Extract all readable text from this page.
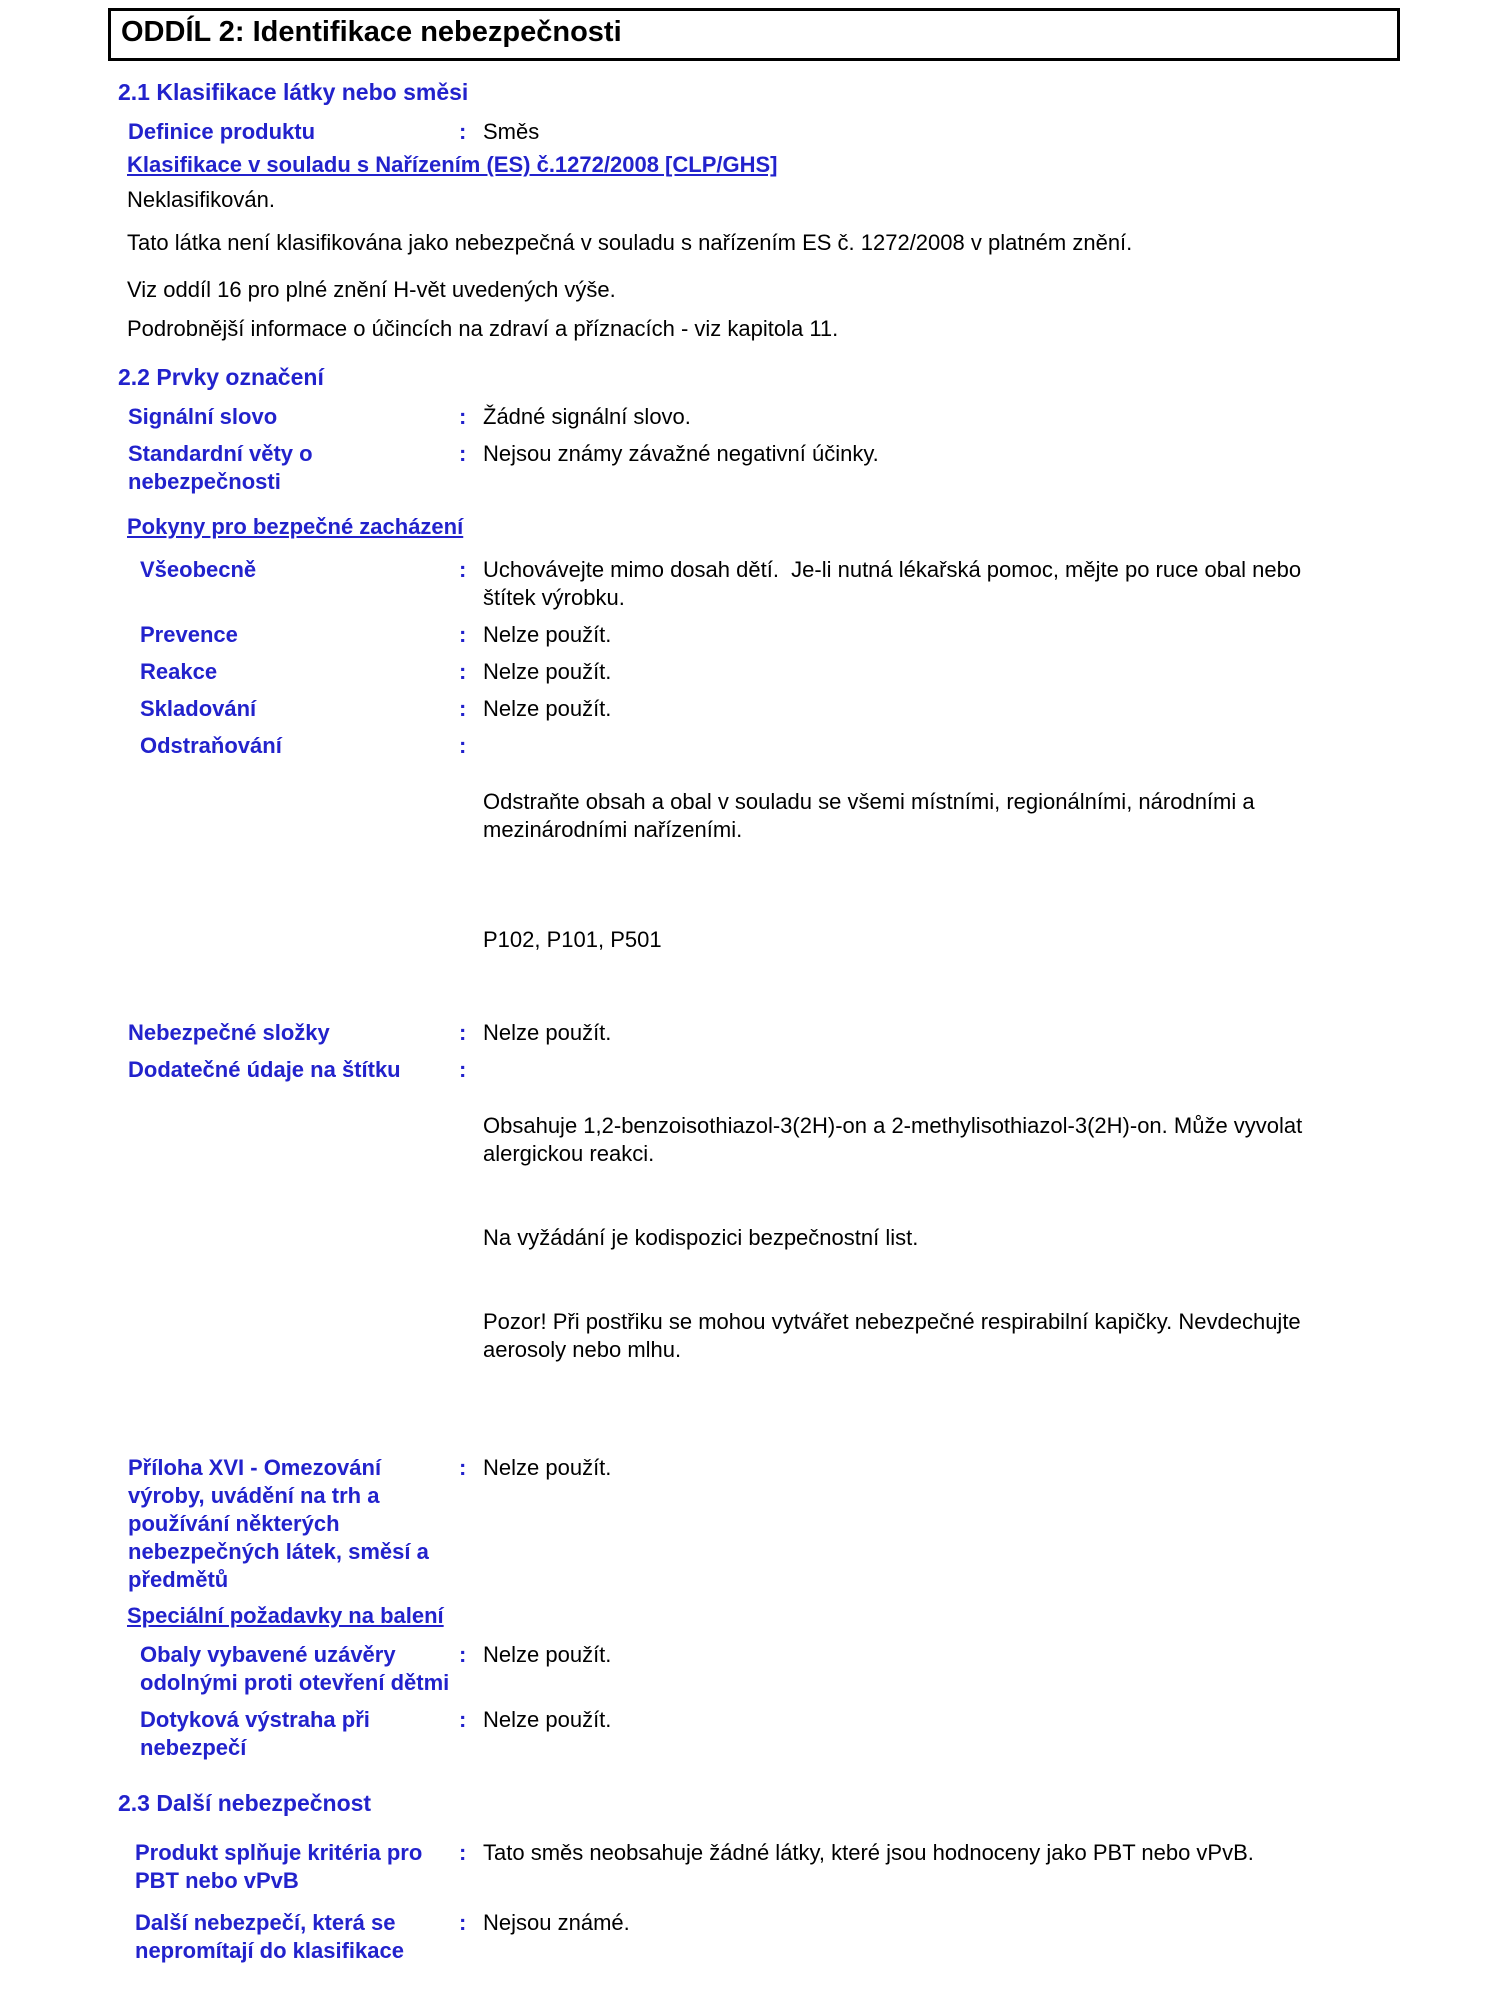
ODDÍL 2: Identifikace nebezpečnosti
2.1 Klasifikace látky nebo směsi
Definice produktu	: Směs
Klasifikace v souladu s Nařízením (ES) č.1272/2008 [CLP/GHS]
Neklasifikován.
Tato látka není klasifikována jako nebezpečná v souladu s nařízením ES č. 1272/2008 v platném znění.
Viz oddíl 16 pro plné znění H-vět uvedených výše.
Podrobnější informace o účincích na zdraví a příznacích - viz kapitola 11.
2.2 Prvky označení
Signální slovo	: Žádné signální slovo.
Standardní věty o nebezpečnosti
: Nejsou známy závažné negativní účinky.
Pokyny pro bezpečné zacházení
Všeobecně	: Uchovávejte mimo dosah dětí.  Je-li nutná lékařská pomoc, mějte po ruce obal nebo štítek výrobku.
Prevence	: Nelze použít.
Reakce	: Nelze použít.
Skladování	: Nelze použít.
Odstraňování	:

Odstraňte obsah a obal v souladu se všemi místními, regionálními, národními a mezinárodními nařízeními.

P102, P101, P501

Nebezpečné složky	: Nelze použít.
Dodatečné údaje na štítku	:

Obsahuje 1,2-benzoisothiazol-3(2H)-on a 2-methylisothiazol-3(2H)-on. Může vyvolat alergickou reakci.

Na vyžádání je kodispozici bezpečnostní list.

Pozor! Při postřiku se mohou vytvářet nebezpečné respirabilní kapičky. Nevdechujte aerosoly nebo mlhu.

Příloha XVI - Omezování výroby, uvádění na trh a používání některých nebezpečných látek, směsí a předmětů
: Nelze použít.
Speciální požadavky na balení
Obaly vybavené uzávěry odolnými proti otevření dětmi
: Nelze použít.
Dotyková výstraha při nebezpečí
: Nelze použít.
2.3 Další nebezpečnost
Produkt splňuje kritéria pro PBT nebo vPvB
: Tato směs neobsahuje žádné látky, které jsou hodnoceny jako PBT nebo vPvB.
Další nebezpečí, která se nepromítají do klasifikace
: Nejsou známé.
